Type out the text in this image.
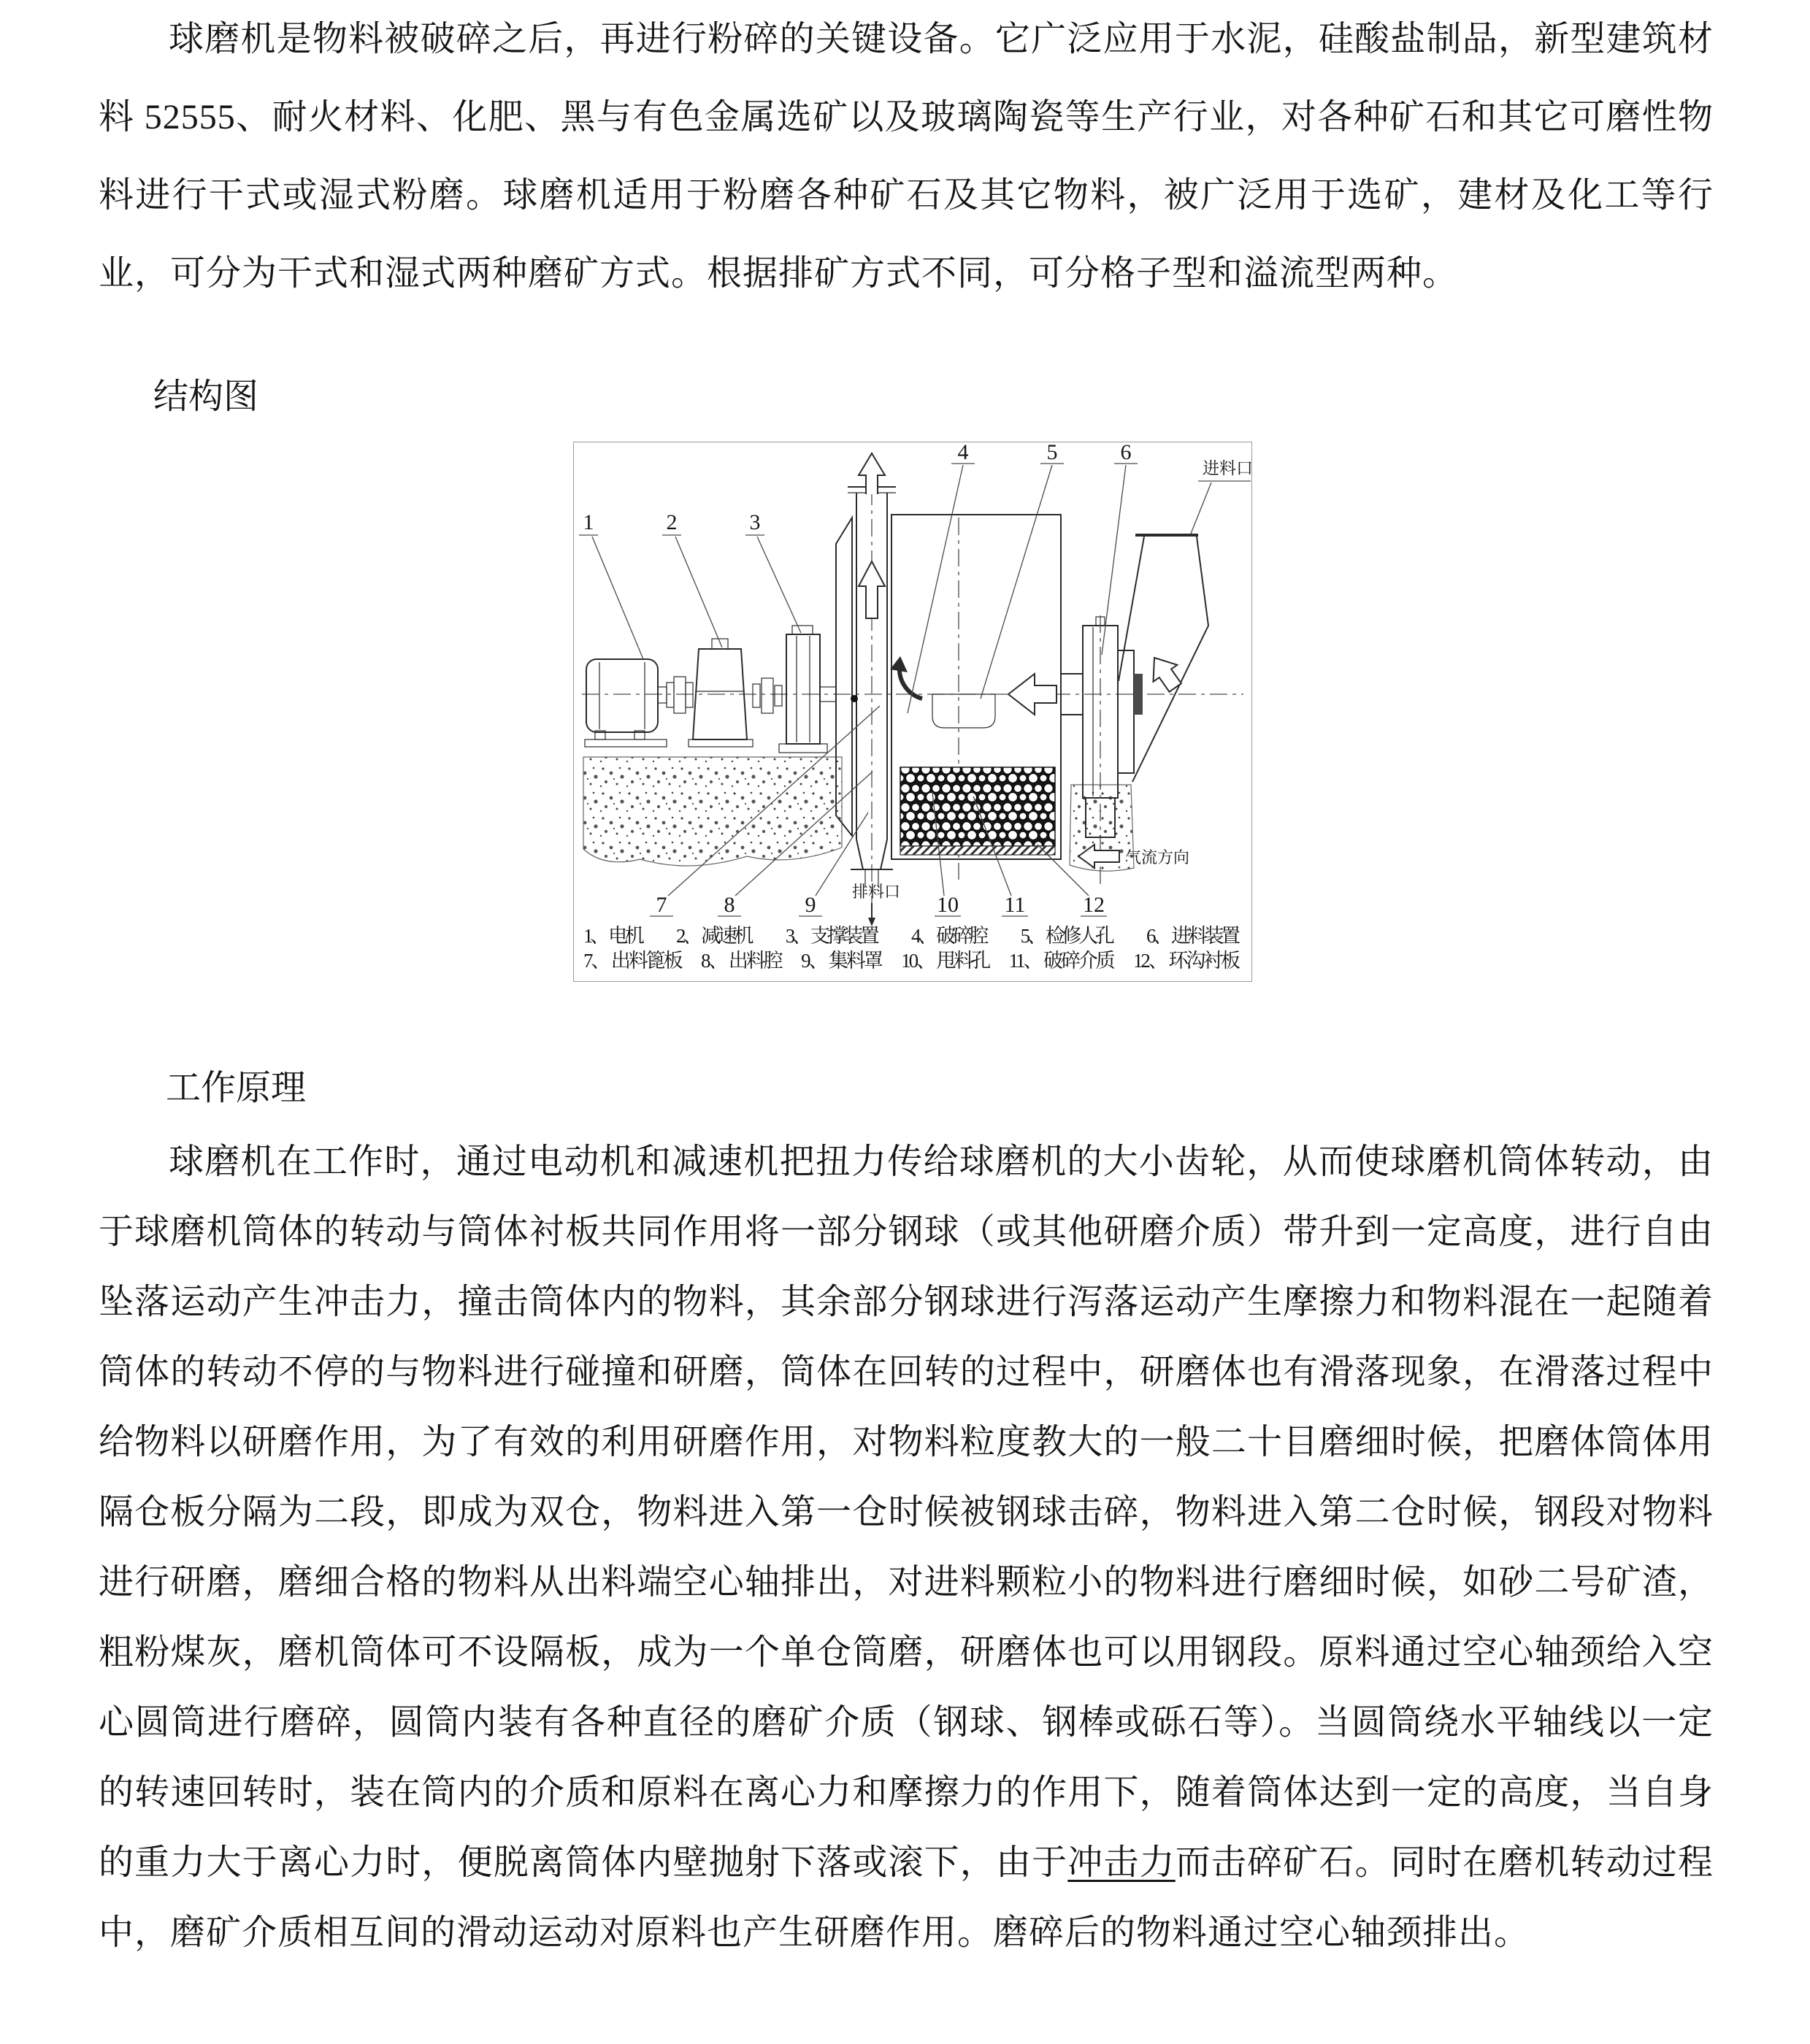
球磨机是物料被破碎之后，再进行粉碎的关键设备。它广泛应用于水泥，硅酸盐制品，新型建筑材料 52555、耐火材料、化肥、黑与有色金属选矿以及玻璃陶瓷等生产行业，对各种矿石和其它可磨性物料进行干式或湿式粉磨。球磨机适用于粉磨各种矿石及其它物料，被广泛用于选矿，建材及化工等行业，可分为干式和湿式两种磨矿方式。根据排矿方式不同，可分格子型和溢流型两种。

结构图
1	2	3
4	5	6
7	8	9	10 11	12
进料口
排料口
气流方向
1、 电机　　 2、 减速机　　 3、 支撑装置　　 4、 破碎腔　　 5、 检修人孔　　 6、 进料装置
7、 出料篦板　 8、 出料腔　 9、 集料罩　 10、 甩料孔　 11、 破碎介质　 12、 环沟衬板
工作原理

球磨机在工作时，通过电动机和减速机把扭力传给球磨机的大小齿轮，从而使球磨机筒体转动，由于球磨机筒体的转动与筒体衬板共同作用将一部分钢球（或其他研磨介质）带升到一定高度，进行自由坠落运动产生冲击力，撞击筒体内的物料，其余部分钢球进行泻落运动产生摩擦力和物料混在一起随着筒体的转动不停的与物料进行碰撞和研磨，筒体在回转的过程中，研磨体也有滑落现象，在滑落过程中给物料以研磨作用，为了有效的利用研磨作用，对物料粒度教大的一般二十目磨细时候，把磨体筒体用隔仓板分隔为二段，即成为双仓，物料进入第一仓时候被钢球击碎，物料进入第二仓时候，钢段对物料进行研磨，磨细合格的物料从出料端空心轴排出，对进料颗粒小的物料进行磨细时候，如砂二号矿渣，粗粉煤灰，磨机筒体可不设隔板，成为一个单仓筒磨，研磨体也可以用钢段。原料通过空心轴颈给入空心圆筒进行磨碎，圆筒内装有各种直径的磨矿介质（钢球、钢棒或砾石等）。当圆筒绕水平轴线以一定的转速回转时，装在筒内的介质和原料在离心力和摩擦力的作用下，随着筒体达到一定的高度，当自身的重力大于离心力时，便脱离筒体内壁抛射下落或滚下，由于冲击力而击碎矿石。同时在磨机转动过程中，磨矿介质相互间的滑动运动对原料也产生研磨作用。磨碎后的物料通过空心轴颈排出。
